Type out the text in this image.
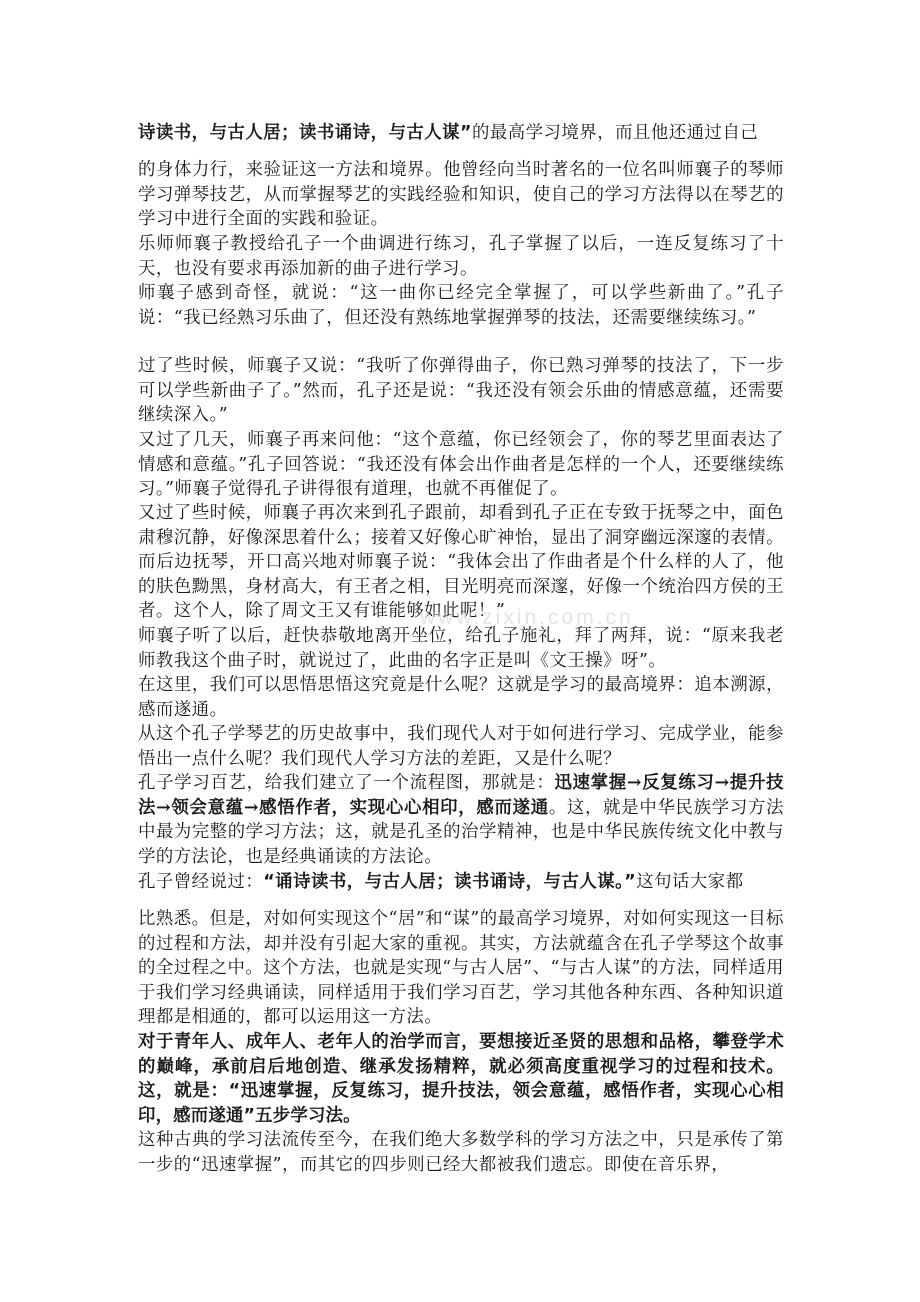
诗读书，与古人居；读书诵诗，与古人谋”的最高学习境界，而且他还通过自己

的身体力行，来验证这一方法和境界。他曾经向当时著名的一位名叫师襄子的琴师学习弹琴技艺，从而掌握琴艺的实践经验和知识，使自己的学习方法得以在琴艺的学习中进行全面的实践和验证。

乐师师襄子教授给孔子一个曲调进行练习，孔子掌握了以后，一连反复练习了十天，也没有要求再添加新的曲子进行学习。

师襄子感到奇怪，就说：“这一曲你已经完全掌握了，可以学些新曲了。”孔子说：“我已经熟习乐曲了，但还没有熟练地掌握弹琴的技法，还需要继续练习。”

过了些时候，师襄子又说：“我听了你弹得曲子，你已熟习弹琴的技法了，下一步可以学些新曲子了。”然而，孔子还是说：“我还没有领会乐曲的情感意蕴，还需要继续深入。”

又过了几天，师襄子再来问他：“这个意蕴，你已经领会了，你的琴艺里面表达了情感和意蕴。”孔子回答说：“我还没有体会出作曲者是怎样的一个人，还要继续练习。”师襄子觉得孔子讲得很有道理，也就不再催促了。

又过了些时候，师襄子再次来到孔子跟前，却看到孔子正在专致于抚琴之中，面色肃穆沉静，好像深思着什么；接着又好像心旷神怡，显出了洞穿幽远深邃的表情。而后边抚琴，开口高兴地对师襄子说：“我体会出了作曲者是个什么样的人了，他的肤色黝黑，身材高大，有王者之相，目光明亮而深邃，好像一个统治四方侯的王者。这个人，除了周文王又有谁能够如此呢！”

师襄子听了以后，赶快恭敬地离开坐位，给孔子施礼，拜了两拜，说：“原来我老师教我这个曲子时，就说过了，此曲的名字正是叫《文王操》呀”。

在这里，我们可以思悟思悟这究竟是什么呢？这就是学习的最高境界：追本溯源，感而遂通。

从这个孔子学琴艺的历史故事中，我们现代人对于如何进行学习、完成学业，能参悟出一点什么呢？我们现代人学习方法的差距，又是什么呢？

孔子学习百艺，给我们建立了一个流程图，那就是：迅速掌握→反复练习→提升技法→领会意蕴→感悟作者，实现心心相印，感而遂通。这，就是中华民族学习方法中最为完整的学习方法；这，就是孔圣的治学精神，也是中华民族传统文化中教与学的方法论，也是经典诵读的方法论。

孔子曾经说过：“诵诗读书，与古人居；读书诵诗，与古人谋。”这句话大家都

比熟悉。但是，对如何实现这个“居”和“谋”的最高学习境界，对如何实现这一目标的过程和方法，却并没有引起大家的重视。其实，方法就蕴含在孔子学琴这个故事的全过程之中。这个方法，也就是实现“与古人居”、“与古人谋”的方法，同样适用于我们学习经典诵读，同样适用于我们学习百艺，学习其他各种东西、各种知识道理都是相通的，都可以运用这一方法。

对于青年人、成年人、老年人的治学而言，要想接近圣贤的思想和品格，攀登学术的巅峰，承前启后地创造、继承发扬精粹，就必须高度重视学习的过程和技术。这，就是：“迅速掌握，反复练习，提升技法，领会意蕴，感悟作者，实现心心相印，感而遂通”五步学习法。

这种古典的学习法流传至今，在我们绝大多数学科的学习方法之中，只是承传了第一步的“迅速掌握”，而其它的四步则已经大都被我们遗忘。即使在音乐界，

www.zixin.com.cn
